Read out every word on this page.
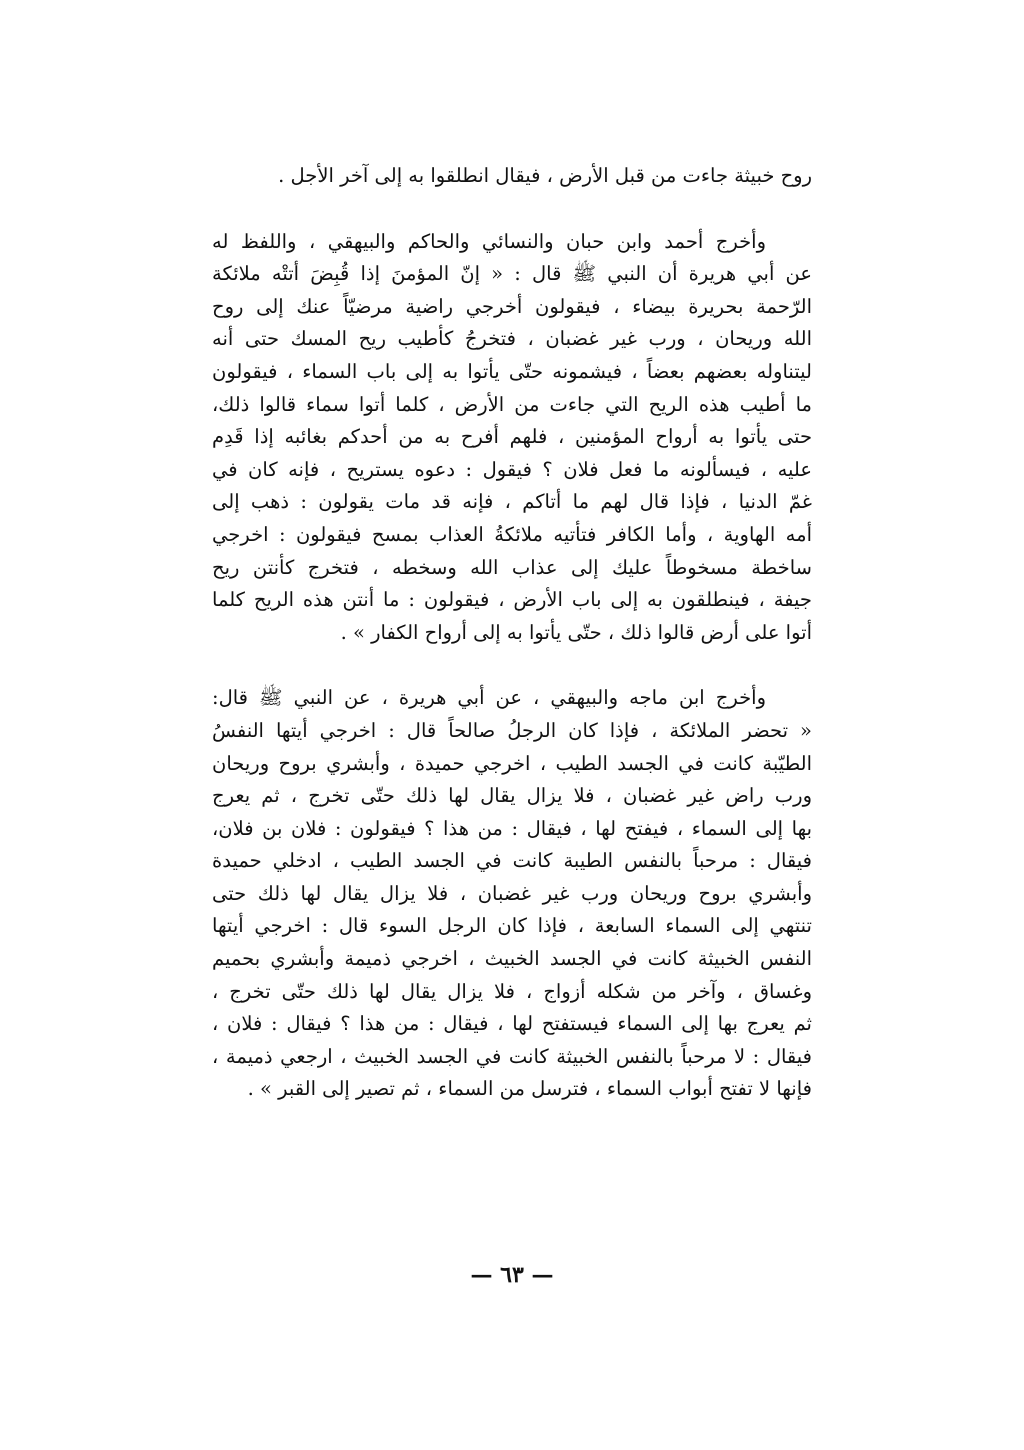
روح خبيثة جاءت من قبل الأرض ، فيقال انطلقوا به إلى آخر الأجل .
وأخرج أحمد وابن حبان والنسائي والحاكم والبيهقي ، واللفظ له
عن أبي هريرة أن النبي ﷺ قال : « إنّ المؤمنَ إذا قُبِضَ أتتْه ملائكة
الرّحمة بحريرة بيضاء ، فيقولون أخرجي راضية مرضيّاً عنك إلى روح
الله وريحان ، ورب غير غضبان ، فتخرجُ كأطيب ريح المسك حتى أنه
ليتناوله بعضهم بعضاً ، فيشمونه حتّى يأتوا به إلى باب السماء ، فيقولون
ما أطيب هذه الريح التي جاءت من الأرض ، كلما أتوا سماء قالوا ذلك،
حتى يأتوا به أرواح المؤمنين ، فلهم أفرح به من أحدكم بغائبه إذا قَدِم
عليه ، فيسألونه ما فعل فلان ؟ فيقول : دعوه يستريح ، فإنه كان في
غمّ الدنيا ، فإذا قال لهم ما أتاكم ، فإنه قد مات يقولون : ذهب إلى
أمه الهاوية ، وأما الكافر فتأتيه ملائكةُ العذاب بمسح فيقولون : اخرجي
ساخطة مسخوطاً عليك إلى عذاب الله وسخطه ، فتخرج كأنتن ريح
جيفة ، فينطلقون به إلى باب الأرض ، فيقولون : ما أنتن هذه الريح كلما
أتوا على أرض قالوا ذلك ، حتّى يأتوا به إلى أرواح الكفار » .
وأخرج ابن ماجه والبيهقي ، عن أبي هريرة ، عن النبي ﷺ قال:
« تحضر الملائكة ، فإذا كان الرجلُ صالحاً قال : اخرجي أيتها النفسُ
الطيّبة كانت في الجسد الطيب ، اخرجي حميدة ، وأبشري بروح وريحان
ورب راض غير غضبان ، فلا يزال يقال لها ذلك حتّى تخرج ، ثم يعرج
بها إلى السماء ، فيفتح لها ، فيقال : من هذا ؟ فيقولون : فلان بن فلان،
فيقال : مرحباً بالنفس الطيبة كانت في الجسد الطيب ، ادخلي حميدة
وأبشري بروح وريحان ورب غير غضبان ، فلا يزال يقال لها ذلك حتى
تنتهي إلى السماء السابعة ، فإذا كان الرجل السوء قال : اخرجي أيتها
النفس الخبيثة كانت في الجسد الخبيث ، اخرجي ذميمة وأبشري بحميم
وغساق ، وآخر من شكله أزواج ، فلا يزال يقال لها ذلك حتّى تخرج ،
ثم يعرج بها إلى السماء فيستفتح لها ، فيقال : من هذا ؟ فيقال : فلان ،
فيقال : لا مرحباً بالنفس الخبيثة كانت في الجسد الخبيث ، ارجعي ذميمة ،
فإنها لا تفتح أبواب السماء ، فترسل من السماء ، ثم تصير إلى القبر » .
— ٦٣ —
